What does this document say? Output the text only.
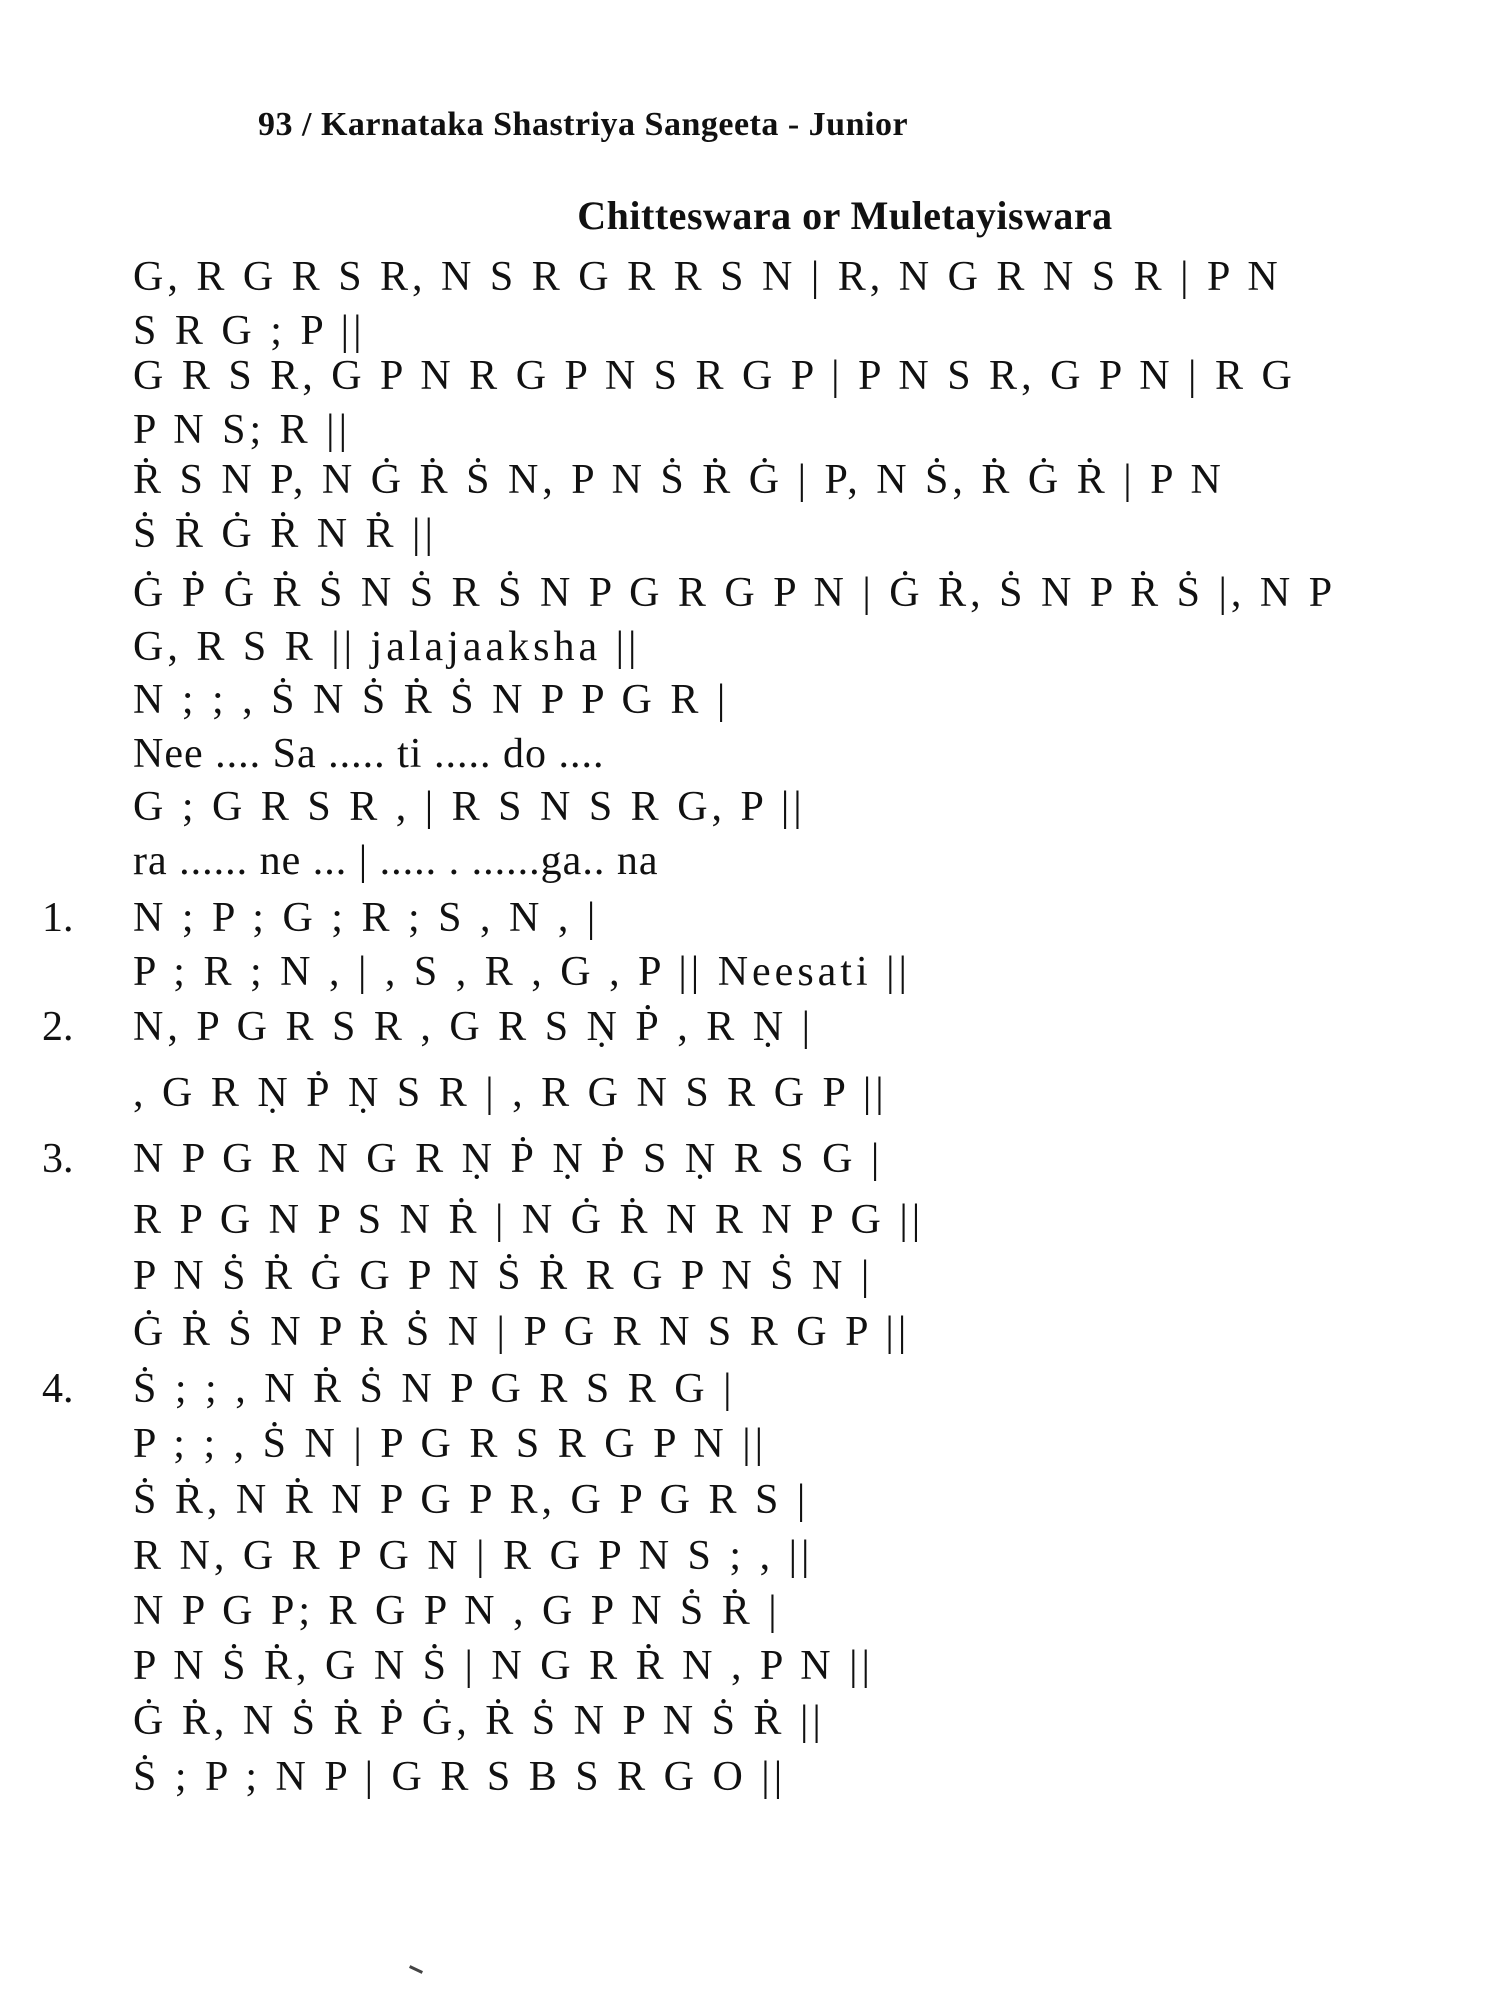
93 / Karnataka Shastriya Sangeeta - Junior
Chitteswara or Muletayiswara
G, R G R S R, N S R G R R S N | R, N G R N S R | P N
S R G ; P ||
G R S R, G P N R G P N S R G P | P N S R, G P N | R G
P N S; R ||
Ṙ S N P, N Ġ Ṙ Ṡ N, P N Ṡ Ṙ Ġ | P, N Ṡ, Ṙ Ġ Ṙ | P N
Ṡ Ṙ Ġ Ṙ N Ṙ ||
Ġ Ṗ Ġ Ṙ Ṡ N Ṡ R Ṡ N P G R G P N | Ġ Ṙ, Ṡ N P Ṙ Ṡ |, N P
G, R S R || jalajaaksha ||
N ; ; , Ṡ N Ṡ Ṙ Ṡ N P P G R |
Nee .... Sa ..... ti ..... do ....
G ; G R S R , | R S N S R G, P ||
ra ...... ne ... | ..... . ......ga.. na
1. N ; P ; G ; R ; S , N , |
P ; R ; N , | , S , R , G , P || Neesati ||
2. N, P G R S R , G R S Ṇ Ṗ , R Ṇ |
, G R Ṇ Ṗ Ṇ S R | , R G N S R G P ||
3. N P G R N G R Ṇ Ṗ Ṇ Ṗ S Ṇ R S G |
R P G N P S N Ṙ | N Ġ Ṙ N R N P G ||
P N Ṡ Ṙ Ġ G P N Ṡ Ṙ R G P N Ṡ N |
Ġ Ṙ Ṡ N P Ṙ Ṡ N | P G R N S R G P ||
4. Ṡ ; ; , N Ṙ Ṡ N P G R S R G |
P ; ; , Ṡ N | P G R S R G P N ||
Ṡ Ṙ, N Ṙ N P G P R, G P G R S |
R N, G R P G N | R G P N S ; , ||
N P G P; R G P N , G P N Ṡ Ṙ |
P N Ṡ Ṙ, G N Ṡ | N G R Ṙ N , P N ||
Ġ Ṙ, N Ṡ Ṙ Ṗ Ġ, Ṙ Ṡ N P N Ṡ Ṙ ||
Ṡ ; P ; N P | G R S B S R G O ||
